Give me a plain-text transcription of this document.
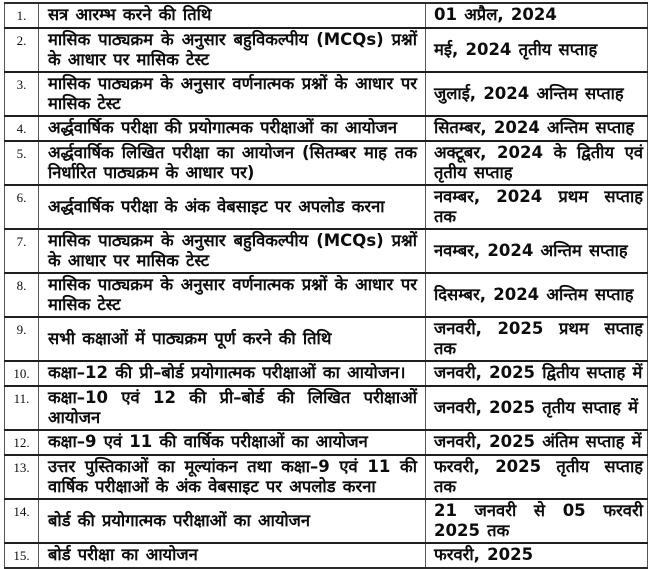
1.	सत्र आरम्भ करने की तिथि	01 अप्रैल, 2024
2.	मासिक पाठ्यक्रम के अनुसार बहुविकल्पीय (MCQs) प्रश्नों के आधार पर मासिक टेस्ट	मई, 2024 तृतीय सप्ताह
3.	मासिक पाठ्यक्रम के अनुसार वर्णनात्मक प्रश्नों के आधार पर मासिक टेस्ट	जुलाई, 2024 अन्तिम सप्ताह
4.	अर्द्धवार्षिक परीक्षा की प्रयोगात्मक परीक्षाओं का आयोजन	सितम्बर, 2024 अन्तिम सप्ताह
5.	अर्द्धवार्षिक लिखित परीक्षा का आयोजन (सितम्बर माह तक निर्धारित पाठ्यक्रम के आधार पर)	अक्टूबर, 2024 के द्वितीय एवं तृतीय सप्ताह
6.	अर्द्धवार्षिक परीक्षा के अंक वेबसाइट पर अपलोड करना	नवम्बर, 2024 प्रथम सप्ताह तक
7.	मासिक पाठ्यक्रम के अनुसार बहुविकल्पीय (MCQs) प्रश्नों के आधार पर मासिक टेस्ट	नवम्बर, 2024 अन्तिम सप्ताह
8.	मासिक पाठ्यक्रम के अनुसार वर्णनात्मक प्रश्नों के आधार पर मासिक टेस्ट	दिसम्बर, 2024 अन्तिम सप्ताह
9.	सभी कक्षाओं में पाठ्यक्रम पूर्ण करने की तिथि	जनवरी, 2025 प्रथम सप्ताह तक
10.	कक्षा–12 की प्री–बोर्ड प्रयोगात्मक परीक्षाओं का आयोजन।	जनवरी, 2025 द्वितीय सप्ताह में
11.	कक्षा–10 एवं 12 की प्री–बोर्ड की लिखित परीक्षाओं आयोजन	जनवरी, 2025 तृतीय सप्ताह में
12.	कक्षा–9 एवं 11 की वार्षिक परीक्षाओं का आयोजन	जनवरी, 2025 अंतिम सप्ताह में
13.	उत्तर पुस्तिकाओं का मूल्यांकन तथा कक्षा–9 एवं 11 की वार्षिक परीक्षाओं के अंक वेबसाइट पर अपलोड करना	फरवरी, 2025 तृतीय सप्ताह तक
14.	बोर्ड की प्रयोगात्मक परीक्षाओं का आयोजन	21 जनवरी से 05 फरवरी 2025 तक
15.	बोर्ड परीक्षा का आयोजन	फरवरी, 2025
